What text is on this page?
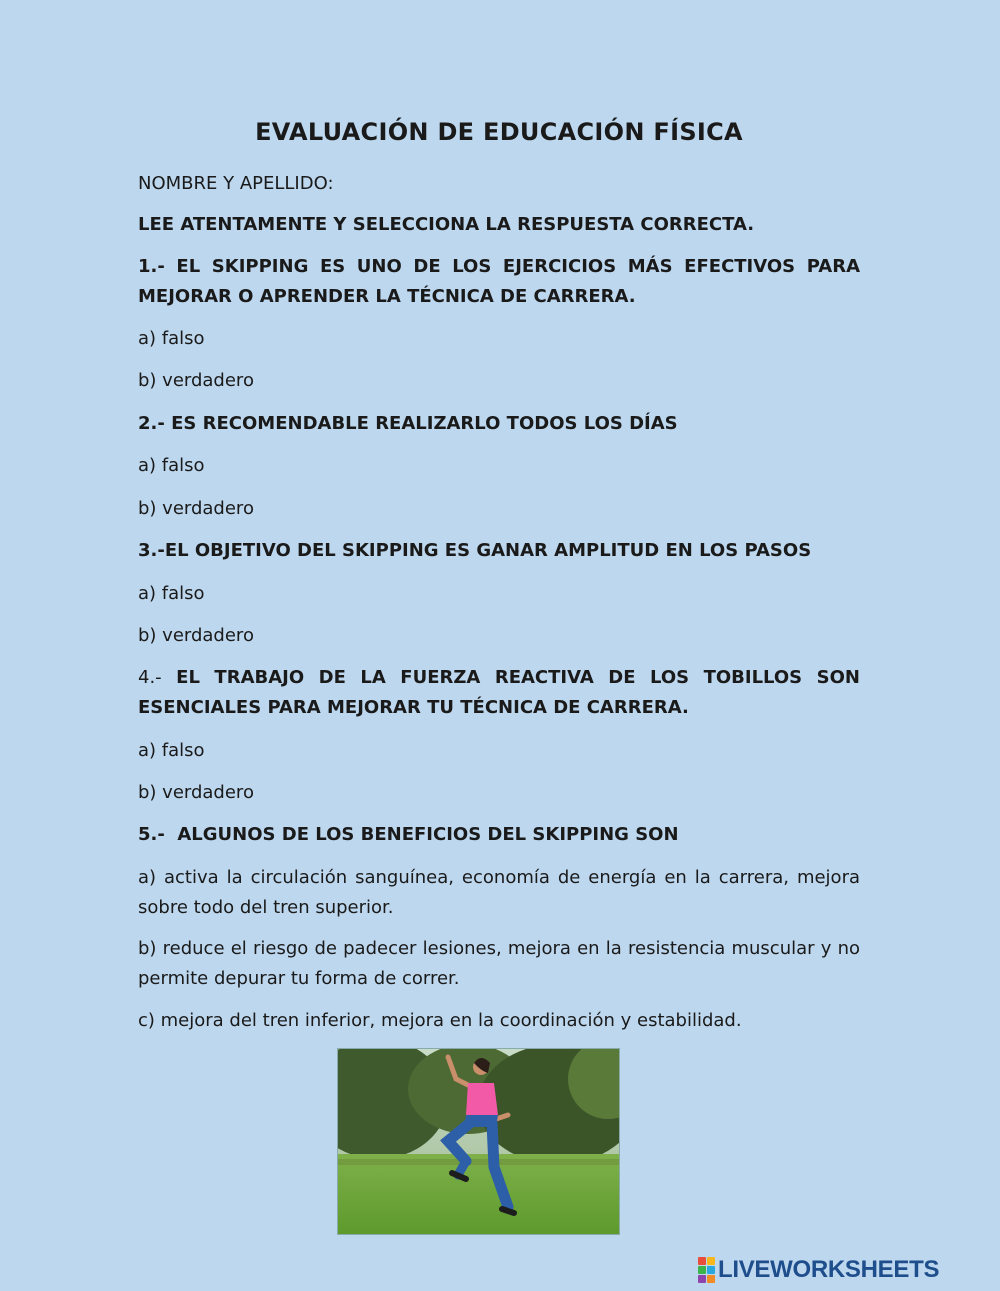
EVALUACIÓN DE EDUCACIÓN FÍSICA
NOMBRE Y APELLIDO:
LEE ATENTAMENTE Y SELECCIONA LA RESPUESTA CORRECTA.
1.- EL SKIPPING ES UNO DE LOS EJERCICIOS MÁS EFECTIVOS PARA MEJORAR O APRENDER LA TÉCNICA DE CARRERA.
a) falso
b) verdadero
2.- ES RECOMENDABLE REALIZARLO TODOS LOS DÍAS
a) falso
b) verdadero
3.-EL OBJETIVO DEL SKIPPING ES GANAR AMPLITUD EN LOS PASOS
a) falso
b) verdadero
4.- EL TRABAJO DE LA FUERZA REACTIVA DE LOS TOBILLOS SON ESENCIALES PARA MEJORAR TU TÉCNICA DE CARRERA.
a) falso
b) verdadero
5.-  ALGUNOS DE LOS BENEFICIOS DEL SKIPPING SON
a) activa la circulación sanguínea, economía de energía en la carrera, mejora sobre todo del tren superior.
b) reduce el riesgo de padecer lesiones, mejora en la resistencia muscular y no permite depurar tu forma de correr.
c) mejora del tren inferior, mejora en la coordinación y estabilidad.
LIVEWORKSHEETS
